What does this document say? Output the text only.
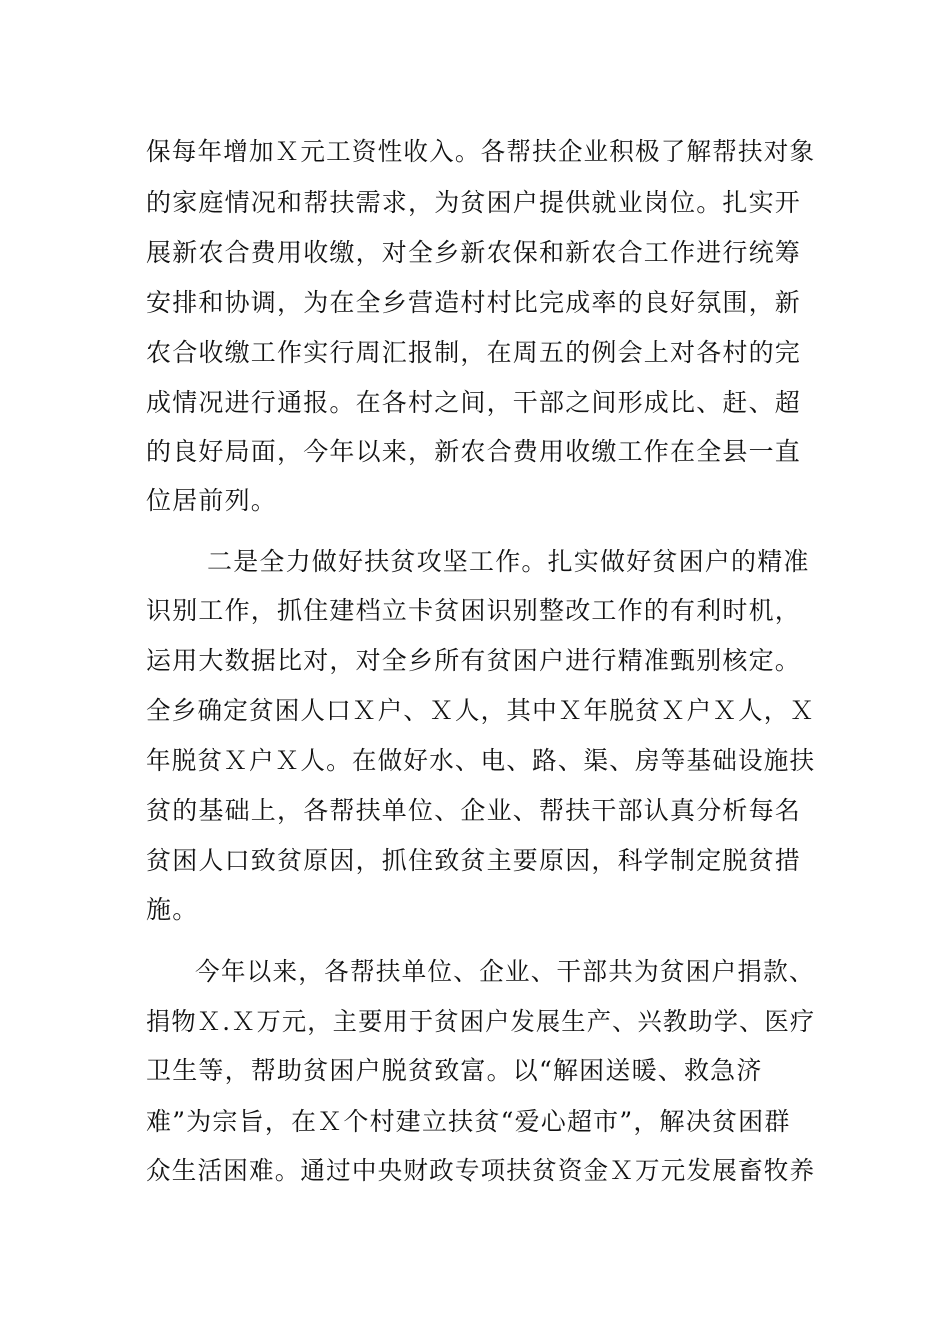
保每年增加Ｘ元工资性收入。各帮扶企业积极了解帮扶对象
的家庭情况和帮扶需求，为贫困户提供就业岗位。扎实开
展新农合费用收缴，对全乡新农保和新农合工作进行统筹
安排和协调，为在全乡营造村村比完成率的良好氛围，新
农合收缴工作实行周汇报制，在周五的例会上对各村的完
成情况进行通报。在各村之间，干部之间形成比、赶、超
的良好局面，今年以来，新农合费用收缴工作在全县一直
位居前列。
二是全力做好扶贫攻坚工作。扎实做好贫困户的精准
识别工作，抓住建档立卡贫困识别整改工作的有利时机，
运用大数据比对，对全乡所有贫困户进行精准甄别核定。
全乡确定贫困人口Ｘ户、Ｘ人，其中Ｘ年脱贫Ｘ户Ｘ人，Ｘ
年脱贫Ｘ户Ｘ人。在做好水、电、路、渠、房等基础设施扶
贫的基础上，各帮扶单位、企业、帮扶干部认真分析每名
贫困人口致贫原因，抓住致贫主要原因，科学制定脱贫措
施。
今年以来，各帮扶单位、企业、干部共为贫困户捐款、
捐物Ｘ.Ｘ万元，主要用于贫困户发展生产、兴教助学、医疗
卫生等，帮助贫困户脱贫致富。以“解困送暖、救急济
难”为宗旨，在Ｘ个村建立扶贫“爱心超市”，解决贫困群
众生活困难。通过中央财政专项扶贫资金Ｘ万元发展畜牧养
